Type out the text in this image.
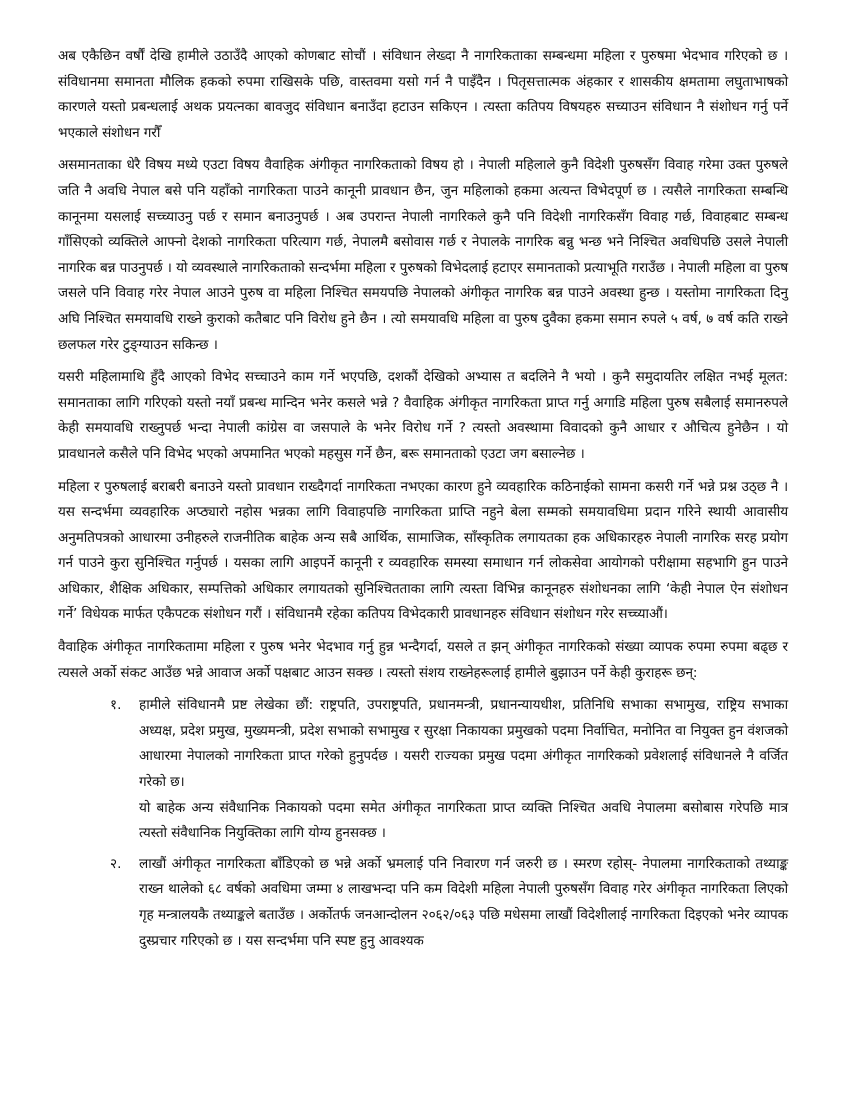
अब एकैछिन वर्षौं देखि हामीले उठाउँदै आएको कोणबाट सोचौं । संविधान लेख्दा नै नागरिकताका सम्बन्धमा महिला र पुरुषमा भेदभाव गरिएको छ । संविधानमा समानता मौलिक हकको रुपमा राखिसके पछि, वास्तवमा यसो गर्न नै पाइँदैन । पितृसत्तात्मक अंहकार र शासकीय क्षमतामा लघुताभाषको कारणले यस्तो प्रबन्धलाई अथक प्रयत्नका बावजुद संविधान बनाउँदा हटाउन सकिएन । त्यस्ता कतिपय विषयहरु सच्याउन संविधान नै संशोधन गर्नु पर्ने भएकाले संशोधन गरौँ

असमानताका धेरै विषय मध्ये एउटा विषय वैवाहिक अंगीकृत नागरिकताको विषय हो । नेपाली महिलाले कुनै विदेशी पुरुषसँग विवाह गरेमा उक्त पुरुषले जति नै अवधि नेपाल बसे पनि यहाँको नागरिकता पाउने कानूनी प्रावधान छैन, जुन महिलाको हकमा अत्यन्त विभेदपूर्ण छ । त्यसैले नागरिकता सम्बन्धि कानूनमा यसलाई सच्च्याउनु पर्छ र समान बनाउनुपर्छ । अब उपरान्त नेपाली नागरिकले कुनै पनि विदेशी नागरिकसँग विवाह गर्छ, विवाहबाट सम्बन्ध गाँसिएको व्यक्तिले आफ्नो देशको नागरिकता परित्याग गर्छ, नेपालमै बसोवास गर्छ र नेपालके नागरिक बन्नु भन्छ भने निश्चित अवधिपछि उसले नेपाली नागरिक बन्न पाउनुपर्छ । यो व्यवस्थाले नागरिकताको सन्दर्भमा महिला र पुरुषको विभेदलाई हटाएर समानताको प्रत्याभूति गराउँछ । नेपाली महिला वा पुरुष जसले पनि विवाह गरेर नेपाल आउने पुरुष वा महिला निश्चित समयपछि नेपालको अंगीकृत नागरिक बन्न पाउने अवस्था हुन्छ । यस्तोमा नागरिकता दिनु अघि निश्चित समयावधि राख्ने कुराको कतैबाट पनि विरोध हुने छैन । त्यो समयावधि महिला वा पुरुष दुवैका हकमा समान रुपले ५ वर्ष, ७ वर्ष कति राख्ने छलफल गरेर टुङ्ग्याउन सकिन्छ ।

यसरी महिलामाथि हुँदै आएको विभेद सच्चाउने काम गर्ने भएपछि, दशकौं देखिको अभ्यास त बदलिने नै भयो । कुनै समुदायतिर लक्षित नभई मूलत: समानताका लागि गरिएको यस्तो नयाँ प्रबन्ध मान्दिन भनेर कसले भन्ने ? वैवाहिक अंगीकृत नागरिकता प्राप्त गर्नु अगाडि महिला पुरुष सबैलाई समानरुपले केही समयावधि राख्नुपर्छ भन्दा नेपाली कांग्रेस वा जसपाले के भनेर विरोध गर्ने ? त्यस्तो अवस्थामा विवादको कुनै आधार र औचित्य हुनेछैन । यो प्रावधानले कसैले पनि विभेद भएको अपमानित भएको महसुस गर्ने छैन, बरू समानताको एउटा जग बसाल्नेछ ।

महिला र पुरुषलाई बराबरी बनाउने यस्तो प्रावधान राख्दैगर्दा नागरिकता नभएका कारण हुने व्यवहारिक कठिनाईको सामना कसरी गर्ने भन्ने प्रश्न उठ्छ नै । यस सन्दर्भमा व्यवहारिक अप्ठ्यारो नहोस भन्नका लागि विवाहपछि नागरिकता प्राप्ति नहुने बेला सम्मको समयावधिमा प्रदान गरिने स्थायी आवासीय अनुमतिपत्रको आधारमा उनीहरुले राजनीतिक बाहेक अन्य सबै आर्थिक, सामाजिक, साँस्कृतिक लगायतका हक अधिकारहरु नेपाली नागरिक सरह प्रयोग गर्न पाउने कुरा सुनिश्चित गर्नुपर्छ । यसका लागि आइपर्ने कानूनी र व्यवहारिक समस्या समाधान गर्न लोकसेवा आयोगको परीक्षामा सहभागि हुन पाउने अधिकार, शैक्षिक अधिकार, सम्पत्तिको अधिकार लगायतको सुनिश्चितताका लागि त्यस्ता विभिन्न कानूनहरु संशोधनका लागि ‘केही नेपाल ऐन संशोधन गर्ने’ विधेयक मार्फत एकैपटक संशोधन गरौं । संविधानमै रहेका कतिपय विभेदकारी प्रावधानहरु संविधान संशोधन गरेर सच्च्याऔं।

वैवाहिक अंगीकृत नागरिकतामा महिला र पुरुष भनेर भेदभाव गर्नु हुन्न भन्दैगर्दा, यसले त झन् अंगीकृत नागरिकको संख्या व्यापक रुपमा रुपमा बढ्छ र त्यसले अर्को संकट आउँछ भन्ने आवाज अर्को पक्षबाट आउन सक्छ । त्यस्तो संशय राख्नेहरूलाई हामीले बुझाउन पर्ने केही कुराहरू छन्:

१. हामीले संविधानमै प्रष्ट लेखेका छौं: राष्ट्रपति, उपराष्ट्रपति, प्रधानमन्त्री, प्रधानन्यायधीश, प्रतिनिधि सभाका सभामुख, राष्ट्रिय सभाका अध्यक्ष, प्रदेश प्रमुख, मुख्यमन्त्री, प्रदेश सभाको सभामुख र सुरक्षा निकायका प्रमुखको पदमा निर्वाचित, मनोनित वा नियुक्त हुन वंशजको आधारमा नेपालको नागरिकता प्राप्त गरेको हुनुपर्दछ । यसरी राज्यका प्रमुख पदमा अंगीकृत नागरिकको प्रवेशलाई संविधानले नै वर्जित गरेको छ।

यो बाहेक अन्य संवैधानिक निकायको पदमा समेत अंगीकृत नागरिकता प्राप्त व्यक्ति निश्चित अवधि नेपालमा बसोबास गरेपछि मात्र त्यस्तो संवैधानिक नियुक्तिका लागि योग्य हुनसक्छ ।

२. लाखौं अंगीकृत नागरिकता बाँडिएको छ भन्ने अर्को भ्रमलाई पनि निवारण गर्न जरुरी छ । स्मरण रहोस्- नेपालमा नागरिकताको तथ्याङ्क राख्न थालेको ६८ वर्षको अवधिमा जम्मा ४ लाखभन्दा पनि कम विदेशी महिला नेपाली पुरुषसँग विवाह गरेर अंगीकृत नागरिकता लिएको गृह मन्त्रालयकै तथ्याङ्कले बताउँछ । अर्कोतर्फ जनआन्दोलन २०६२/०६३ पछि मधेसमा लाखौं विदेशीलाई नागरिकता दिइएको भनेर व्यापक दुस्प्रचार गरिएको छ । यस सन्दर्भमा पनि स्पष्ट हुनु आवश्यक
